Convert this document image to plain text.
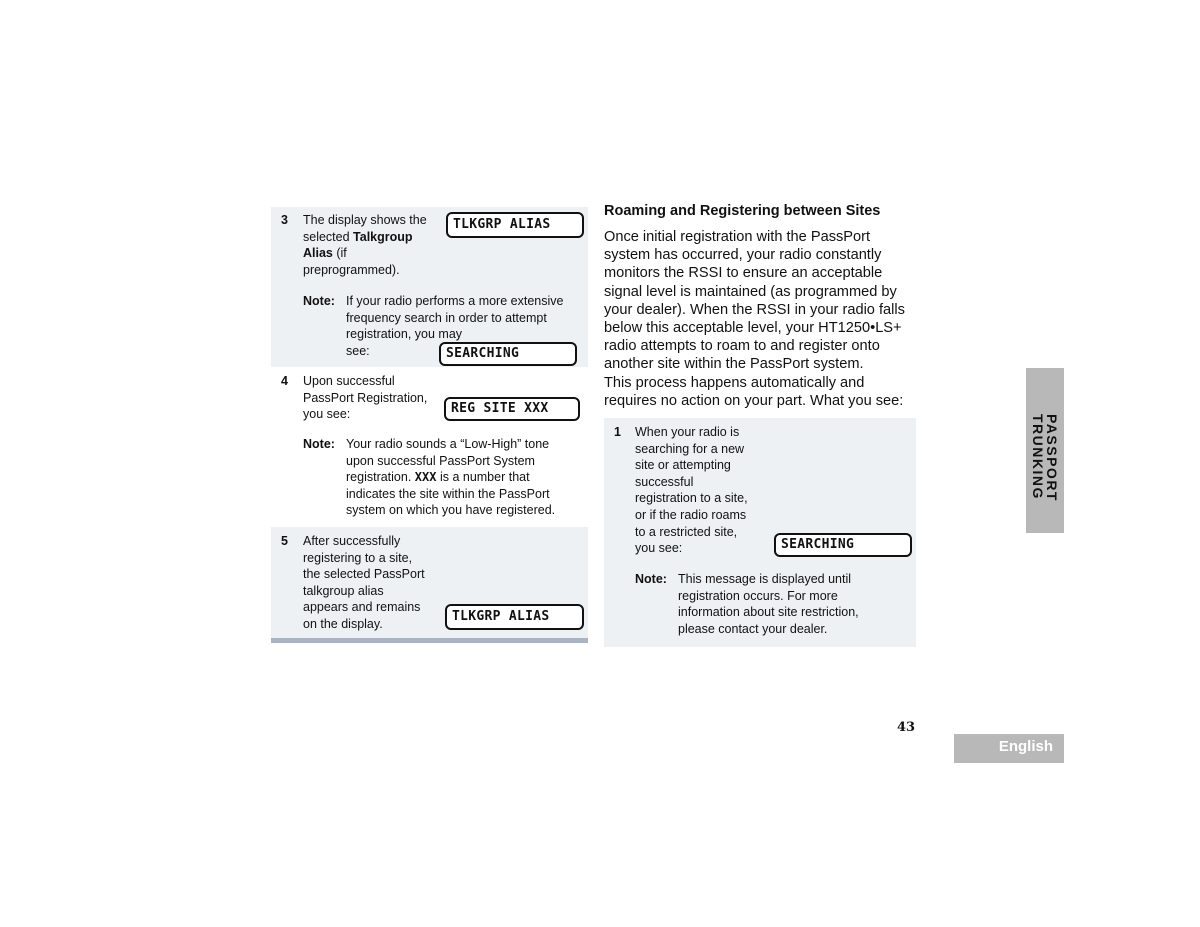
3 The display shows the
selected Talkgroup
Alias (if
preprogrammed).
TLKGRP ALIAS
Note: If your radio performs a more extensive
frequency search in order to attempt
registration, you may
see:	SEARCHING
4 Upon successful
PassPort Registration,
you see:	REG SITE XXX
Note: Your radio sounds a “Low-High” tone
upon successful PassPort System
registration. XXX is a number that
indicates the site within the PassPort
system on which you have registered.
5 After successfully
registering to a site,
the selected PassPort
talkgroup alias
appears and remains
on the display.	TLKGRP ALIAS
Roaming and Registering between Sites
Once initial registration with the PassPort
system has occurred, your radio constantly
monitors the RSSI to ensure an acceptable
signal level is maintained (as programmed by
your dealer). When the RSSI in your radio falls
below this acceptable level, your HT1250•LS+
radio attempts to roam to and register onto
another site within the PassPort system.
This process happens automatically and
requires no action on your part. What you see:
1 When your radio is
searching for a new
site or attempting
successful
registration to a site,
or if the radio roams
to a restricted site,
you see:	SEARCHING
Note: This message is displayed until
registration occurs. For more
information about site restriction,
please contact your dealer.
PASSPORT
TRUNKING
43
English
